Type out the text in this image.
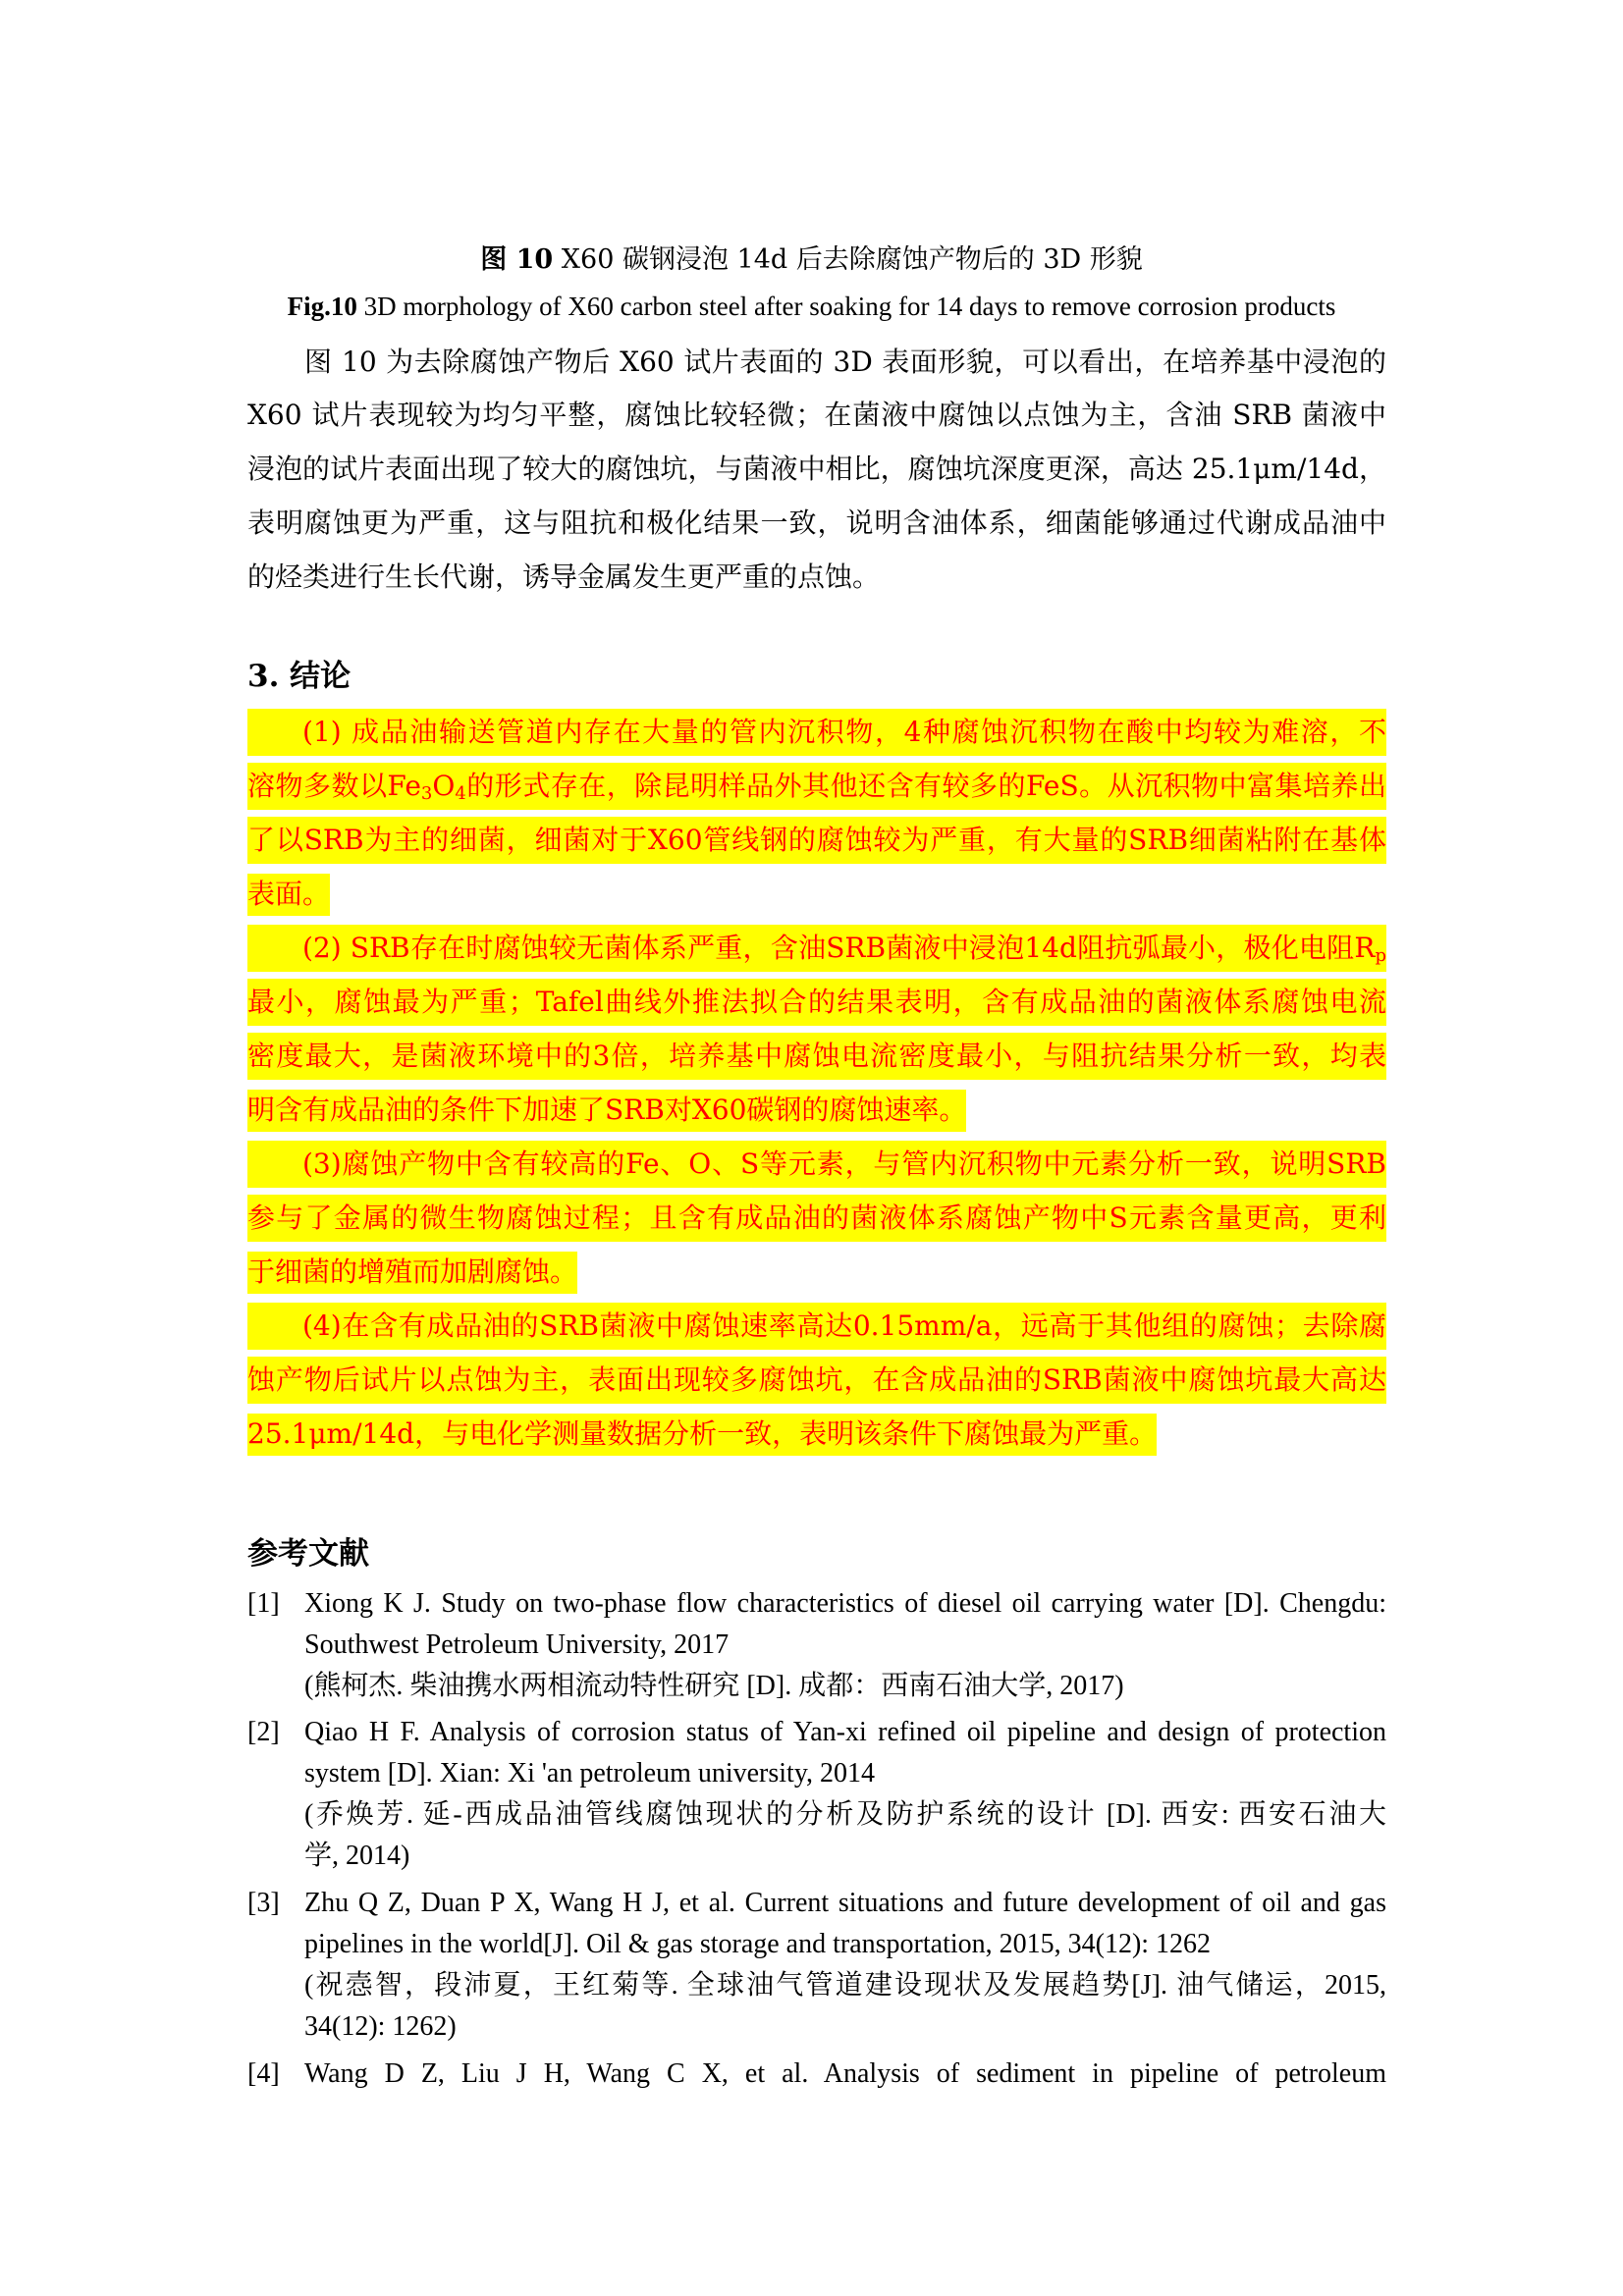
图 10 X60 碳钢浸泡 14d 后去除腐蚀产物后的 3D 形貌
Fig.10 3D morphology of X60 carbon steel after soaking for 14 days to remove corrosion products
图 10 为去除腐蚀产物后 X60 试片表面的 3D 表面形貌，可以看出，在培养基中浸泡的
X60 试片表现较为均匀平整，腐蚀比较轻微；在菌液中腐蚀以点蚀为主，含油 SRB 菌液中
浸泡的试片表面出现了较大的腐蚀坑，与菌液中相比，腐蚀坑深度更深，高达 25.1μm/14d，
表明腐蚀更为严重，这与阻抗和极化结果一致，说明含油体系，细菌能够通过代谢成品油中
的烃类进行生长代谢，诱导金属发生更严重的点蚀。
3. 结论
(1) 成品油输送管道内存在大量的管内沉积物，4种腐蚀沉积物在酸中均较为难溶，不
溶物多数以$Fe_3O_4$的形式存在，除昆明样品外其他还含有较多的FeS。从沉积物中富集培养出
了以SRB为主的细菌，细菌对于X60管线钢的腐蚀较为严重，有大量的SRB细菌粘附在基体
表面。
(2) SRB存在时腐蚀较无菌体系严重，含油SRB菌液中浸泡14d阻抗弧最小，极化电阻$R_p$
最小，腐蚀最为严重；Tafel曲线外推法拟合的结果表明，含有成品油的菌液体系腐蚀电流
密度最大，是菌液环境中的3倍，培养基中腐蚀电流密度最小，与阻抗结果分析一致，均表
明含有成品油的条件下加速了SRB对X60碳钢的腐蚀速率。
(3)腐蚀产物中含有较高的Fe、O、S等元素，与管内沉积物中元素分析一致，说明SRB
参与了金属的微生物腐蚀过程；且含有成品油的菌液体系腐蚀产物中S元素含量更高，更利
于细菌的增殖而加剧腐蚀。
(4)在含有成品油的SRB菌液中腐蚀速率高达0.15mm/a，远高于其他组的腐蚀；去除腐
蚀产物后试片以点蚀为主，表面出现较多腐蚀坑，在含成品油的SRB菌液中腐蚀坑最大高达
25.1μm/14d，与电化学测量数据分析一致，表明该条件下腐蚀最为严重。
参考文献
[1] Xiong K J. Study on two-phase flow characteristics of diesel oil carrying water [D]. Chengdu:
Southwest Petroleum University, 2017
(熊柯杰. 柴油携水两相流动特性研究 [D]. 成都：西南石油大学, 2017)
[2] Qiao H F. Analysis of corrosion status of Yan-xi refined oil pipeline and design of protection
system [D]. Xian: Xi 'an petroleum university, 2014
(乔焕芳. 延-西成品油管线腐蚀现状的分析及防护系统的设计 [D]. 西安: 西安石油大
学, 2014)
[3] Zhu Q Z, Duan P X, Wang H J, et al. Current situations and future development of oil and gas
pipelines in the world[J]. Oil & gas storage and transportation, 2015, 34(12): 1262
(祝悫智，段沛夏，王红菊等. 全球油气管道建设现状及发展趋势[J]. 油气储运，2015,
34(12): 1262)
[4] Wang D Z, Liu J H, Wang C X, et al. Analysis of sediment in pipeline of petroleum
